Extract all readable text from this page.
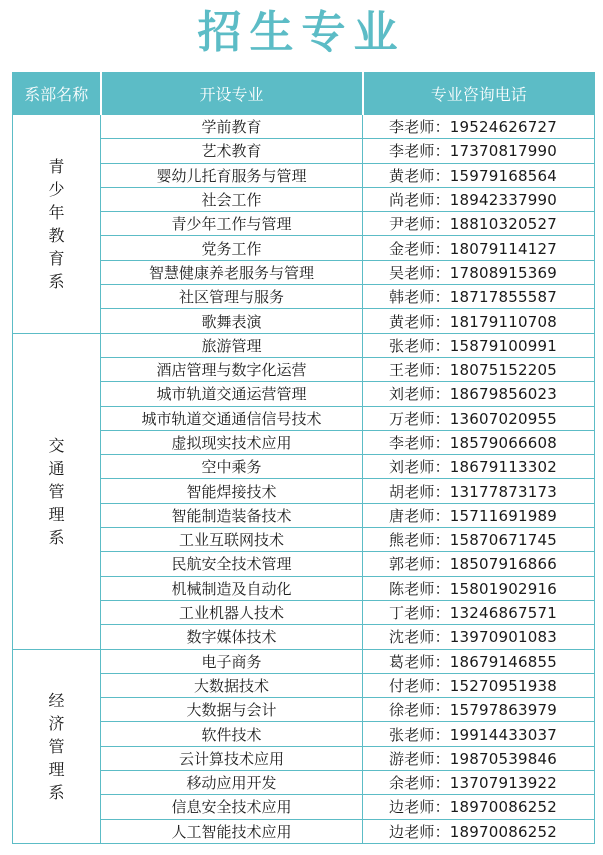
招生专业
系部名称	开设专业	专业咨询电话
青少年教育系	学前教育	李老师：19524626727
	艺术教育	李老师：17370817990
	婴幼儿托育服务与管理	黄老师：15979168564
	社会工作	尚老师：18942337990
	青少年工作与管理	尹老师：18810320527
	党务工作	金老师：18079114127
	智慧健康养老服务与管理	吴老师：17808915369
	社区管理与服务	韩老师：18717855587
	歌舞表演	黄老师：18179110708
交通管理系	旅游管理	张老师：15879100991
	酒店管理与数字化运营	王老师：18075152205
	城市轨道交通运营管理	刘老师：18679856023
	城市轨道交通通信信号技术	万老师：13607020955
	虚拟现实技术应用	李老师：18579066608
	空中乘务	刘老师：18679113302
	智能焊接技术	胡老师：13177873173
	智能制造装备技术	唐老师：15711691989
	工业互联网技术	熊老师：15870671745
	民航安全技术管理	郭老师：18507916866
	机械制造及自动化	陈老师：15801902916
	工业机器人技术	丁老师：13246867571
	数字媒体技术	沈老师：13970901083
经济管理系	电子商务	葛老师：18679146855
	大数据技术	付老师：15270951938
	大数据与会计	徐老师：15797863979
	软件技术	张老师：19914433037
	云计算技术应用	游老师：19870539846
	移动应用开发	余老师：13707913922
	信息安全技术应用	边老师：18970086252
	人工智能技术应用	边老师：18970086252
